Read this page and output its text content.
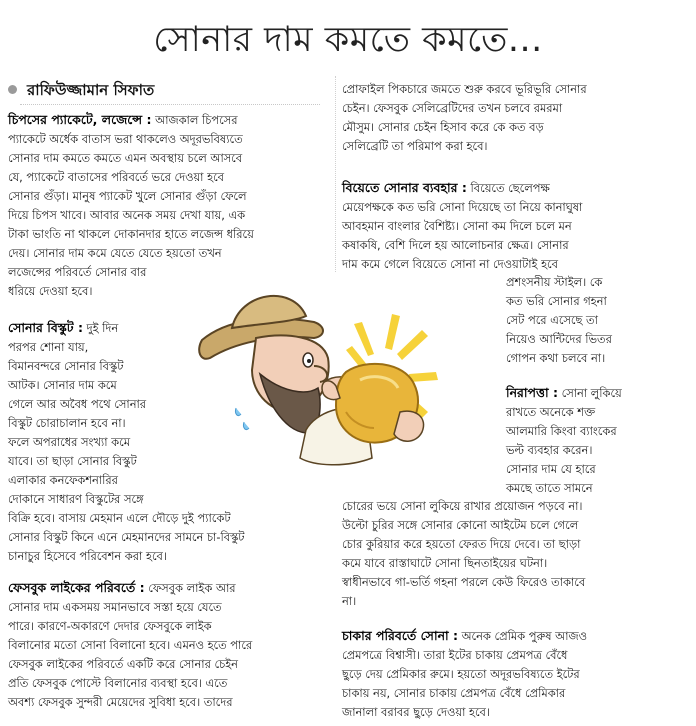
সোনার দাম কমতে কমতে...
রাফিউজ্জামান সিফাত

চিপসের প্যাকেটে, লজেন্সে : আজকাল চিপসের

প্যাকেটে অর্ধেক বাতাস ভরা থাকলেও অদূরভবিষ্যতে

সোনার দাম কমতে কমতে এমন অবস্থায় চলে আসবে

যে, প্যাকেটে বাতাসের পরিবর্তে ভরে দেওয়া হবে

সোনার গুঁড়া। মানুষ প্যাকেট খুলে সোনার গুঁড়া ফেলে

দিয়ে চিপস খাবে। আবার অনেক সময় দেখা যায়, এক

টাকা ভাংতি না থাকলে দোকানদার হাতে লজেন্স ধরিয়ে

দেয়। সোনার দাম কমে যেতে যেতে হয়তো তখন

লজেন্সের পরিবর্তে সোনার বার

ধরিয়ে দেওয়া হবে।

সোনার বিস্কুট : দুই দিন

পরপর শোনা যায়,

বিমানবন্দরে সোনার বিস্কুট

আটক। সোনার দাম কমে

গেলে আর অবৈধ পথে সোনার

বিস্কুট চোরাচালান হবে না।

ফলে অপরাধের সংখ্যা কমে

যাবে। তা ছাড়া সোনার বিস্কুট

এলাকার কনফেকশনারির

দোকানে সাধারণ বিস্কুটের সঙ্গে

বিক্রি হবে। বাসায় মেহমান এলে দৌড়ে দুই প্যাকেট

সোনার বিস্কুট কিনে এনে মেহমানদের সামনে চা-বিস্কুট

চানাচুর হিসেবে পরিবেশন করা হবে।

ফেসবুক লাইকের পরিবর্তে : ফেসবুক লাইক আর

সোনার দাম একসময় সমানভাবে সস্তা হয়ে যেতে

পারে। কারণে-অকারণে দেদার ফেসবুকে লাইক

বিলানোর মতো সোনা বিলানো হবে। এমনও হতে পারে

ফেসবুক লাইকের পরিবর্তে একটি করে সোনার চেইন

প্রতি ফেসবুক পোস্টে বিলানোর ব্যবস্থা হবে। এতে

অবশ্য ফেসবুক সুন্দরী মেয়েদের সুবিধা হবে। তাদের

প্রোফাইল পিকচারে জমতে শুরু করবে ভূরিভূরি সোনার

চেইন। ফেসবুক সেলিব্রেটিদের তখন চলবে রমরমা

মৌসুম। সোনার চেইন হিসাব করে কে কত বড়

সেলিব্রেটি তা পরিমাপ করা হবে।

বিয়েতে সোনার ব্যবহার : বিয়েতে ছেলেপক্ষ

মেয়েপক্ষকে কত ভরি সোনা দিয়েছে তা নিয়ে কানাঘুষা

আবহমান বাংলার বৈশিষ্ট্য। সোনা কম দিলে চলে মন

কষাকষি, বেশি দিলে হয় আলোচনার ক্ষেত্র। সোনার

দাম কমে গেলে বিয়েতে সোনা না দেওয়াটাই হবে

প্রশংসনীয় স্টাইল। কে

কত ভরি সোনার গহনা

সেট পরে এসেছে তা

নিয়েও আন্টিদের ভিতর

গোপন কথা চলবে না।

নিরাপত্তা : সোনা লুকিয়ে

রাখতে অনেকে শক্ত

আলমারি কিংবা ব্যাংকের

ভল্ট ব্যবহার করেন।

সোনার দাম যে হারে

কমছে তাতে সামনে

চোরের ভয়ে সোনা লুকিয়ে রাখার প্রয়োজন পড়বে না।

উল্টো চুরির সঙ্গে সোনার কোনো আইটেম চলে গেলে

চোর কুরিয়ার করে হয়তো ফেরত দিয়ে দেবে। তা ছাড়া

কমে যাবে রাস্তাঘাটে সোনা ছিনতাইয়ের ঘটনা।

স্বাধীনভাবে গা-ভর্তি গহনা পরলে কেউ ফিরেও তাকাবে

না।

চাকার পরিবর্তে সোনা : অনেক প্রেমিক পুরুষ আজও

প্রেমপত্রে বিশ্বাসী। তারা ইটের চাকায় প্রেমপত্র বেঁধে

ছুড়ে দেয় প্রেমিকার রুমে। হয়তো অদূরভবিষ্যতে ইটের

চাকায় নয়, সোনার চাকায় প্রেমপত্র বেঁধে প্রেমিকার

জানালা বরাবর ছুড়ে দেওয়া হবে।
